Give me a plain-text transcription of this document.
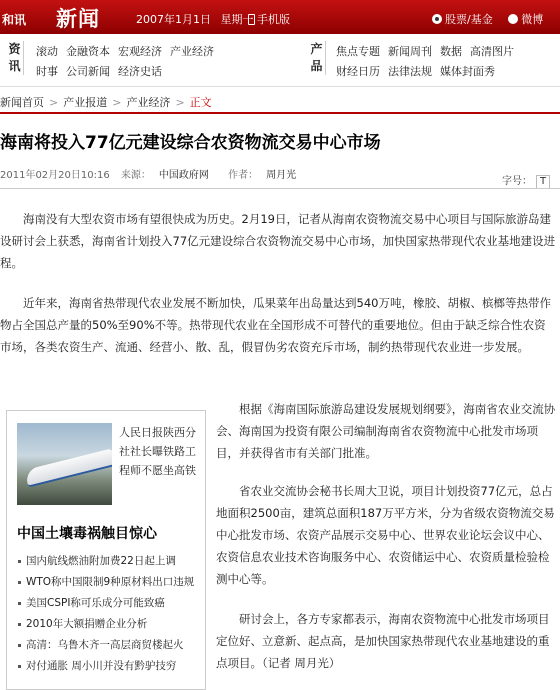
和讯 新闻	2007年1月1日 星期一 手机版	股票/基金	微博
资讯
滚动 金融资本 宏观经济 产业经济
时事 公司新闻 经济史话
产品
焦点专题 新闻周刊 数据 高清图片
财经日历 法律法规 媒体封面秀
新闻首页 > 产业报道 > 产业经济 > 正文
海南将投入77亿元建设综合农资物流交易中心市场
2011年02月20日10:16 来源： 中国政府网 作者： 周月光
字号： T

海南没有大型农资市场有望很快成为历史。2月19日，记者从海南农资物流交易中心项目与国际旅游岛建设研讨会上获悉，海南省计划投入77亿元建设综合农资物流交易中心市场，加快国家热带现代农业基地建设进程。

近年来，海南省热带现代农业发展不断加快，瓜果菜年出岛量达到540万吨，橡胶、胡椒、槟榔等热带作物占全国总产量的50%至90%不等。热带现代农业在全国形成不可替代的重要地位。但由于缺乏综合性农资市场，各类农资生产、流通、经营小、散、乱，假冒伪劣农资充斥市场，制约热带现代农业进一步发展。

根据《海南国际旅游岛建设发展规划纲要》，海南省农业交流协会、海南国为投资有限公司编制海南省农资物流中心批发市场项目，并获得省市有关部门批准。

省农业交流协会秘书长周大卫说，项目计划投资77亿元，总占地面积2500亩，建筑总面积187万平方米，分为省级农资物流交易中心批发市场、农资产品展示交易中心、世界农业论坛会议中心、农资信息农业技术咨询服务中心、农资储运中心、农资质量检验检测中心等。

研讨会上，各方专家都表示，海南农资物流中心批发市场项目定位好、立意新、起点高，是加快国家热带现代农业基地建设的重点项目。（记者 周月光）

人民日报陕西分社社长曝铁路工程师不愿坐高铁
中国土壤毒祸触目惊心
国内航线燃油附加费22日起上调
WTO称中国限制9种原材料出口违规
美国CSPI称可乐成分可能致癌
2010年大额捐赠企业分析
高清：乌鲁木齐一高层商贸楼起火
对付通胀 周小川并没有黔驴技穷
